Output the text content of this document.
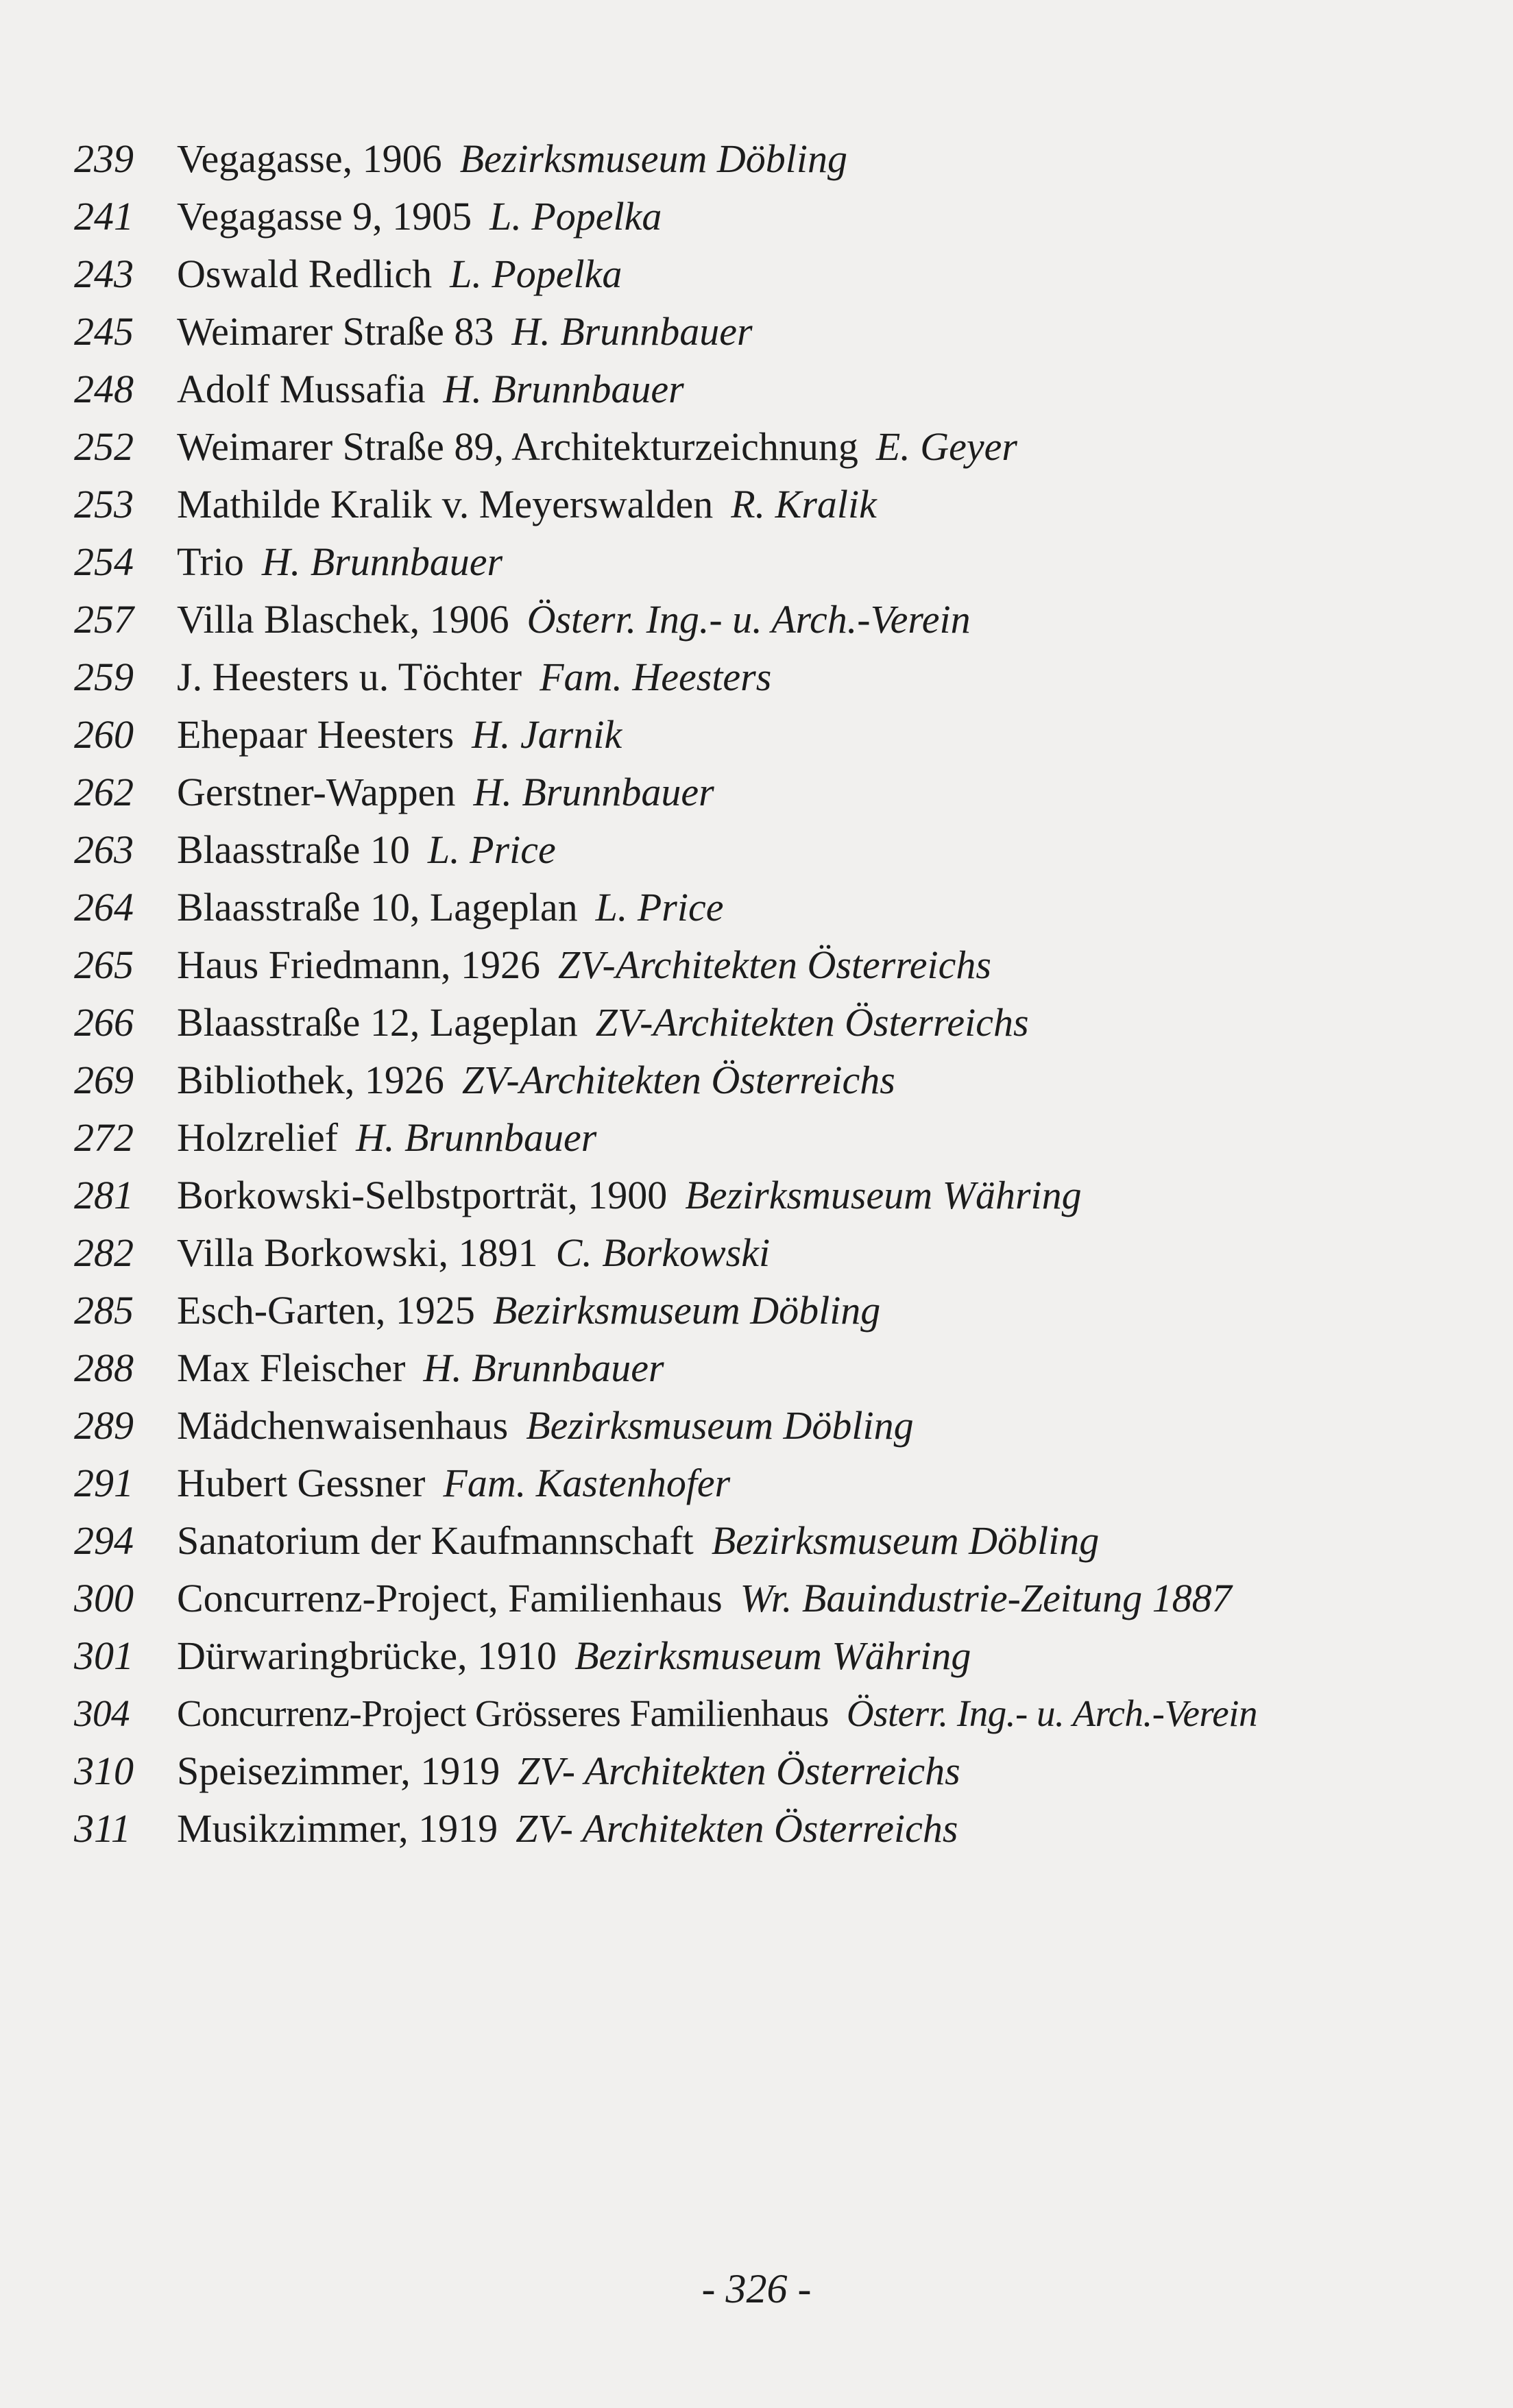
239 Vegagasse, 1906 Bezirksmuseum Döbling
241 Vegagasse 9, 1905 L. Popelka
243 Oswald Redlich L. Popelka
245 Weimarer Straße 83 H. Brunnbauer
248 Adolf Mussafia H. Brunnbauer
252 Weimarer Straße 89, Architekturzeichnung E. Geyer
253 Mathilde Kralik v. Meyerswalden R. Kralik
254 Trio H. Brunnbauer
257 Villa Blaschek, 1906 Österr. Ing.- u. Arch.-Verein
259 J. Heesters u. Töchter Fam. Heesters
260 Ehepaar Heesters H. Jarnik
262 Gerstner-Wappen H. Brunnbauer
263 Blaasstraße 10 L. Price
264 Blaasstraße 10, Lageplan L. Price
265 Haus Friedmann, 1926 ZV-Architekten Österreichs
266 Blaasstraße 12, Lageplan ZV-Architekten Österreichs
269 Bibliothek, 1926 ZV-Architekten Österreichs
272 Holzrelief H. Brunnbauer
281 Borkowski-Selbstporträt, 1900 Bezirksmuseum Währing
282 Villa Borkowski, 1891 C. Borkowski
285 Esch-Garten, 1925 Bezirksmuseum Döbling
288 Max Fleischer H. Brunnbauer
289 Mädchenwaisenhaus Bezirksmuseum Döbling
291 Hubert Gessner Fam. Kastenhofer
294 Sanatorium der Kaufmannschaft Bezirksmuseum Döbling
300 Concurrenz-Project, Familienhaus Wr. Bauindustrie-Zeitung 1887
301 Dürwaringbrücke, 1910 Bezirksmuseum Währing
304 Concurrenz-Project Grösseres Familienhaus Österr. Ing.- u. Arch.-Verein
310 Speisezimmer, 1919 ZV- Architekten Österreichs
311 Musikzimmer, 1919 ZV- Architekten Österreichs
- 326 -
